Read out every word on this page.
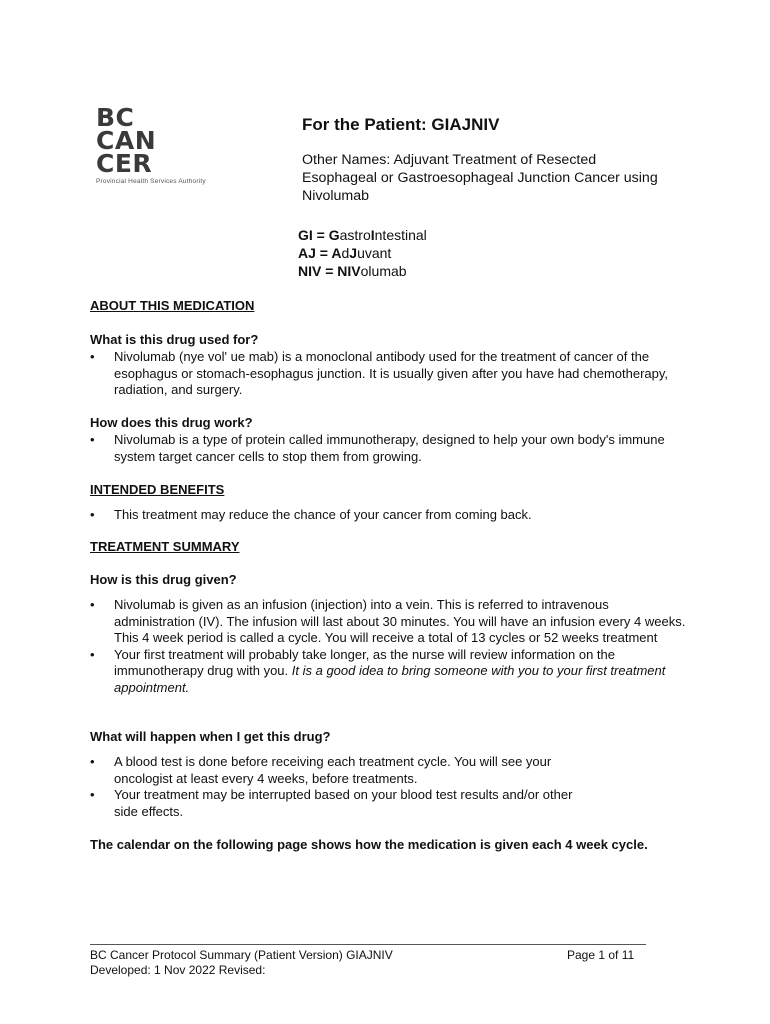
BC
CAN
CER
Provincial Health Services Authority
For the Patient: GIAJNIV
Other Names: Adjuvant Treatment of Resected
Esophageal or Gastroesophageal Junction Cancer using
Nivolumab
GI = GastroIntestinal
AJ = AdJuvant
NIV = NIVolumab
ABOUT THIS MEDICATION
What is this drug used for?
• Nivolumab (nye vol' ue mab) is a monoclonal antibody used for the treatment of cancer of the esophagus or stomach-esophagus junction. It is usually given after you have had chemotherapy, radiation, and surgery.
How does this drug work?
• Nivolumab is a type of protein called immunotherapy, designed to help your own body's immune system target cancer cells to stop them from growing.
INTENDED BENEFITS
• This treatment may reduce the chance of your cancer from coming back.
TREATMENT SUMMARY
How is this drug given?
• Nivolumab is given as an infusion (injection) into a vein. This is referred to intravenous administration (IV). The infusion will last about 30 minutes. You will have an infusion every 4 weeks. This 4 week period is called a cycle. You will receive a total of 13 cycles or 52 weeks treatment
• Your first treatment will probably take longer, as the nurse will review information on the immunotherapy drug with you. It is a good idea to bring someone with you to your first treatment appointment.
What will happen when I get this drug?
• A blood test is done before receiving each treatment cycle. You will see your oncologist at least every 4 weeks, before treatments.
• Your treatment may be interrupted based on your blood test results and/or other side effects.
The calendar on the following page shows how the medication is given each 4 week cycle.
BC Cancer Protocol Summary (Patient Version) GIAJNIV
Developed: 1 Nov 2022 Revised:
Page 1 of 11
